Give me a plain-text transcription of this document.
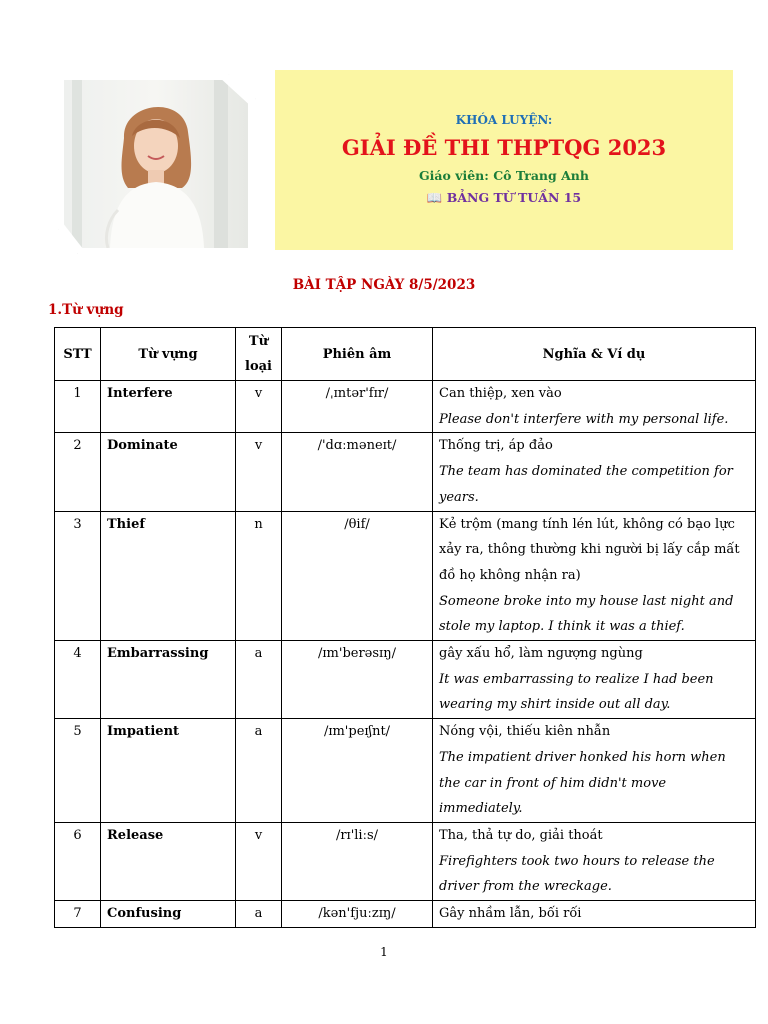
KHÓA LUYỆN:
GIẢI ĐỀ THI THPTQG 2023
Giáo viên: Cô Trang Anh
📖 BẢNG TỪ TUẦN 15
BÀI TẬP NGÀY 8/5/2023
1.Từ vựng
STT	Từ vựng	Từ loại	Phiên âm	Nghĩa & Ví dụ
1	Interfere	v	/ˌɪntər'fɪr/	Can thiệp, xen vào
Please don't interfere with my personal life.

2	Dominate	v	/'dɑːməneɪt/	Thống trị, áp đảo
The team has dominated the competition for years.

3	Thief	n	/θif/	Kẻ trộm (mang tính lén lút, không có bạo lực xảy ra, thông thường khi người bị lấy cắp mất đồ họ không nhận ra)
Someone broke into my house last night and stole my laptop. I think it was a thief.

4	Embarrassing	a	/ɪm'berəsɪŋ/	gây xấu hổ, làm ngượng ngùng
It was embarrassing to realize I had been wearing my shirt inside out all day.

5	Impatient	a	/ɪm'peɪʃnt/	Nóng vội, thiếu kiên nhẫn
The impatient driver honked his horn when the car in front of him didn't move immediately.

6	Release	v	/rɪ'liːs/	Tha, thả tự do, giải thoát
Firefighters took two hours to release the driver from the wreckage.

7	Confusing	a	/kən'fjuːzɪŋ/	Gây nhầm lẫn, bối rối
1
